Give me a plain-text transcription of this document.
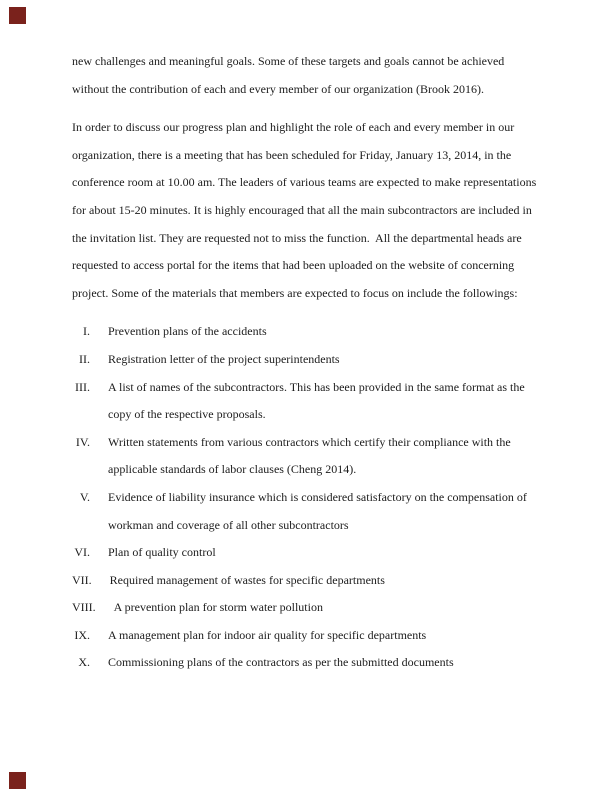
new challenges and meaningful goals. Some of these targets and goals cannot be achieved without the contribution of each and every member of our organization (Brook 2016).

In order to discuss our progress plan and highlight the role of each and every member in our organization, there is a meeting that has been scheduled for Friday, January 13, 2014, in the conference room at 10.00 am. The leaders of various teams are expected to make representations for about 15-20 minutes. It is highly encouraged that all the main subcontractors are included in the invitation list. They are requested not to miss the function.  All the departmental heads are requested to access portal for the items that had been uploaded on the website of concerning project. Some of the materials that members are expected to focus on include the followings:

I.	Prevention plans of the accidents
II.	Registration letter of the project superintendents
III.	A list of names of the subcontractors. This has been provided in the same format as the copy of the respective proposals.
IV.	Written statements from various contractors which certify their compliance with the applicable standards of labor clauses (Cheng 2014).
V.	Evidence of liability insurance which is considered satisfactory on the compensation of workman and coverage of all other subcontractors
VI.	Plan of quality control
VII.	Required management of wastes for specific departments
VIII.	A prevention plan for storm water pollution
IX.	A management plan for indoor air quality for specific departments
X.	Commissioning plans of the contractors as per the submitted documents
